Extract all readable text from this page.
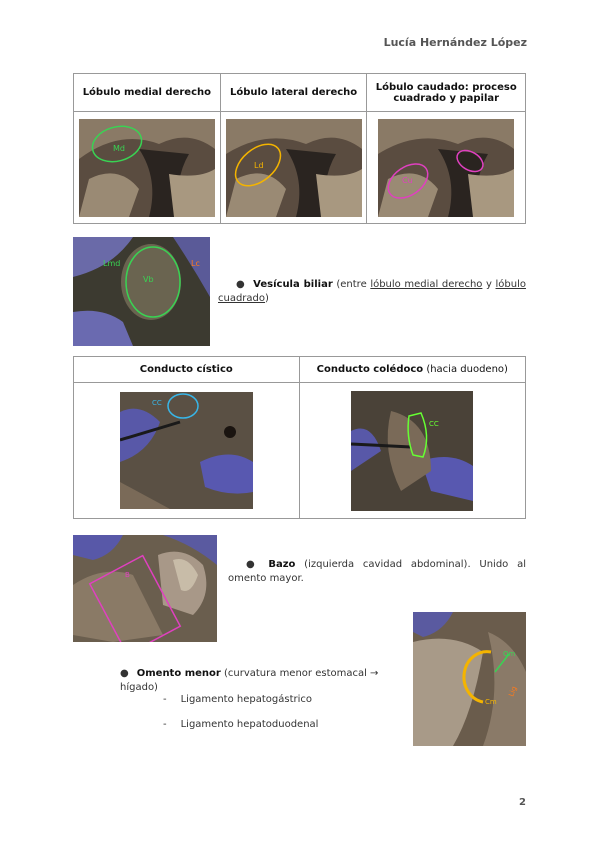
Lucía Hernández López
Lóbulo medial derecho	Lóbulo lateral derecho	Lóbulo caudado: proceso cuadrado y papilar

Md	Ld	Cu
Lmd
Vb
Lc
● Vesícula biliar (entre lóbulo medial derecho y lóbulo cuadrado)
Conducto cístico	Conducto colédoco (hacia duodeno)

CC	CC
B
● Bazo (izquierda cavidad abdominal). Unido al omento mayor.
Om
Cm
Lig
● Omento menor (curvatura menor estomacal → hígado)
- Ligamento hepatogástrico
- Ligamento hepatoduodenal
2
